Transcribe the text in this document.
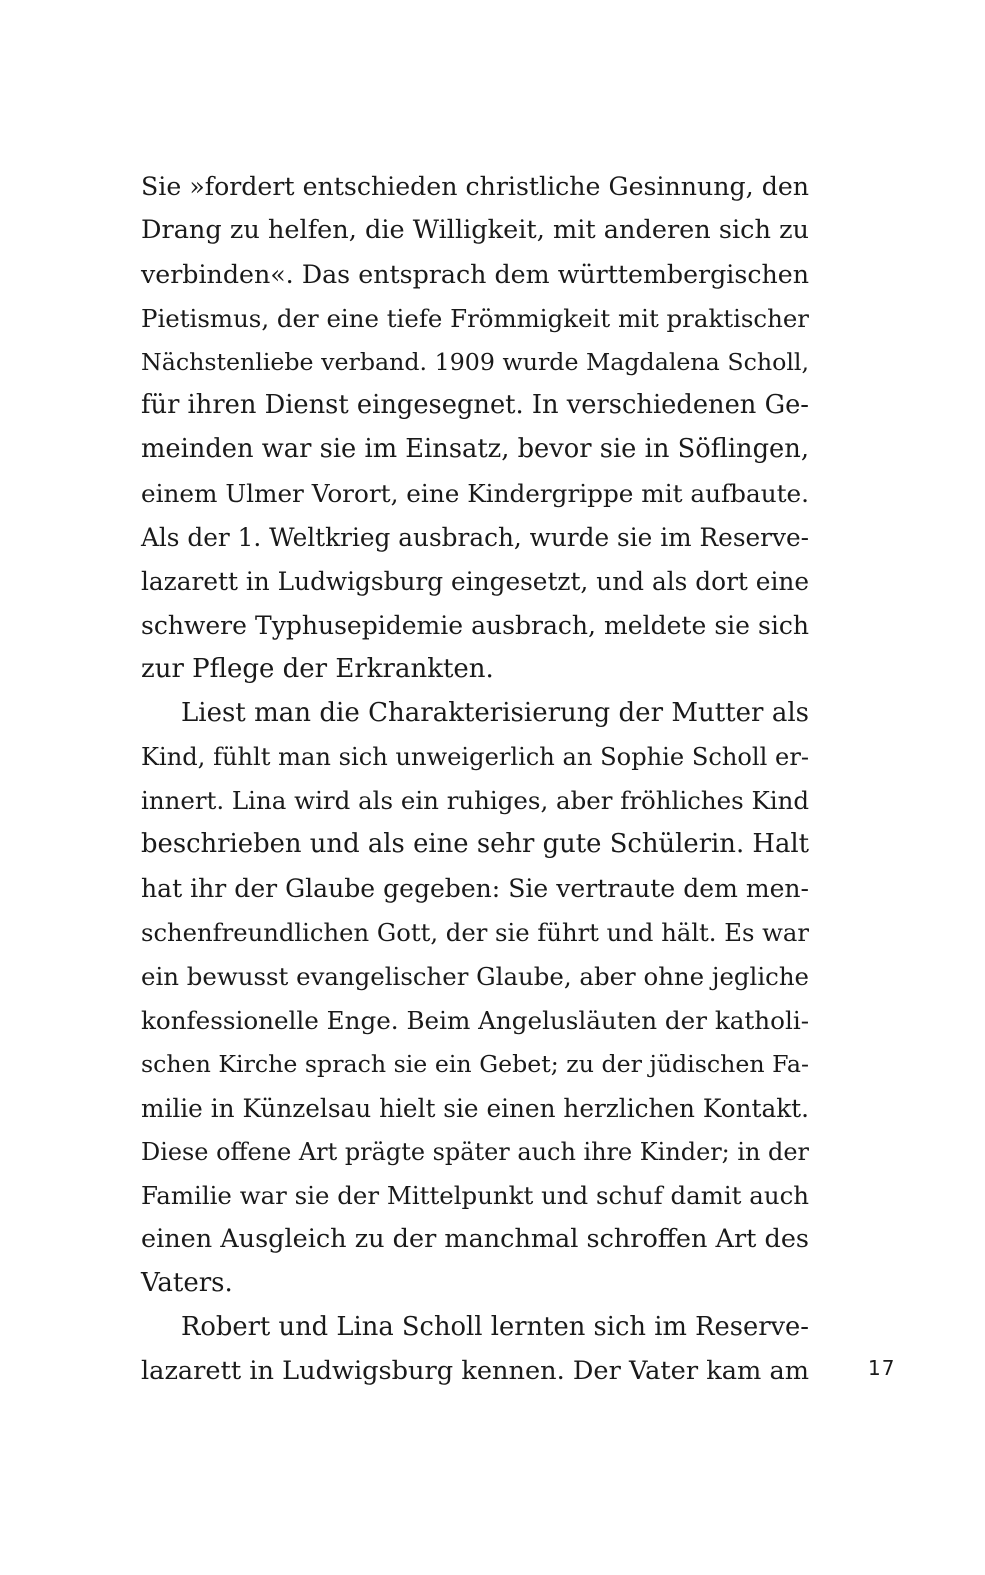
Sie »fordert entschieden christliche Gesinnung, den
Drang zu helfen, die Willigkeit, mit anderen sich zu
verbinden«. Das entsprach dem württembergischen
Pietismus, der eine tiefe Frömmigkeit mit praktischer
Nächstenliebe verband. 1909 wurde Magdalena Scholl,
für ihren Dienst eingesegnet. In verschiedenen Ge-
meinden war sie im Einsatz, bevor sie in Söflingen,
einem Ulmer Vorort, eine Kindergrippe mit aufbaute.
Als der 1. Weltkrieg ausbrach, wurde sie im Reserve-
lazarett in Ludwigsburg eingesetzt, und als dort eine
schwere Typhusepidemie ausbrach, meldete sie sich
zur Pflege der Erkrankten.
Liest man die Charakterisierung der Mutter als
Kind, fühlt man sich unweigerlich an Sophie Scholl er-
innert. Lina wird als ein ruhiges, aber fröhliches Kind
beschrieben und als eine sehr gute Schülerin. Halt
hat ihr der Glaube gegeben: Sie vertraute dem men-
schenfreundlichen Gott, der sie führt und hält. Es war
ein bewusst evangelischer Glaube, aber ohne jegliche
konfessionelle Enge. Beim Angelusläuten der katholi-
schen Kirche sprach sie ein Gebet; zu der jüdischen Fa-
milie in Künzelsau hielt sie einen herzlichen Kontakt.
Diese offene Art prägte später auch ihre Kinder; in der
Familie war sie der Mittelpunkt und schuf damit auch
einen Ausgleich zu der manchmal schroffen Art des
Vaters.
Robert und Lina Scholl lernten sich im Reserve-
lazarett in Ludwigsburg kennen. Der Vater kam am	17
